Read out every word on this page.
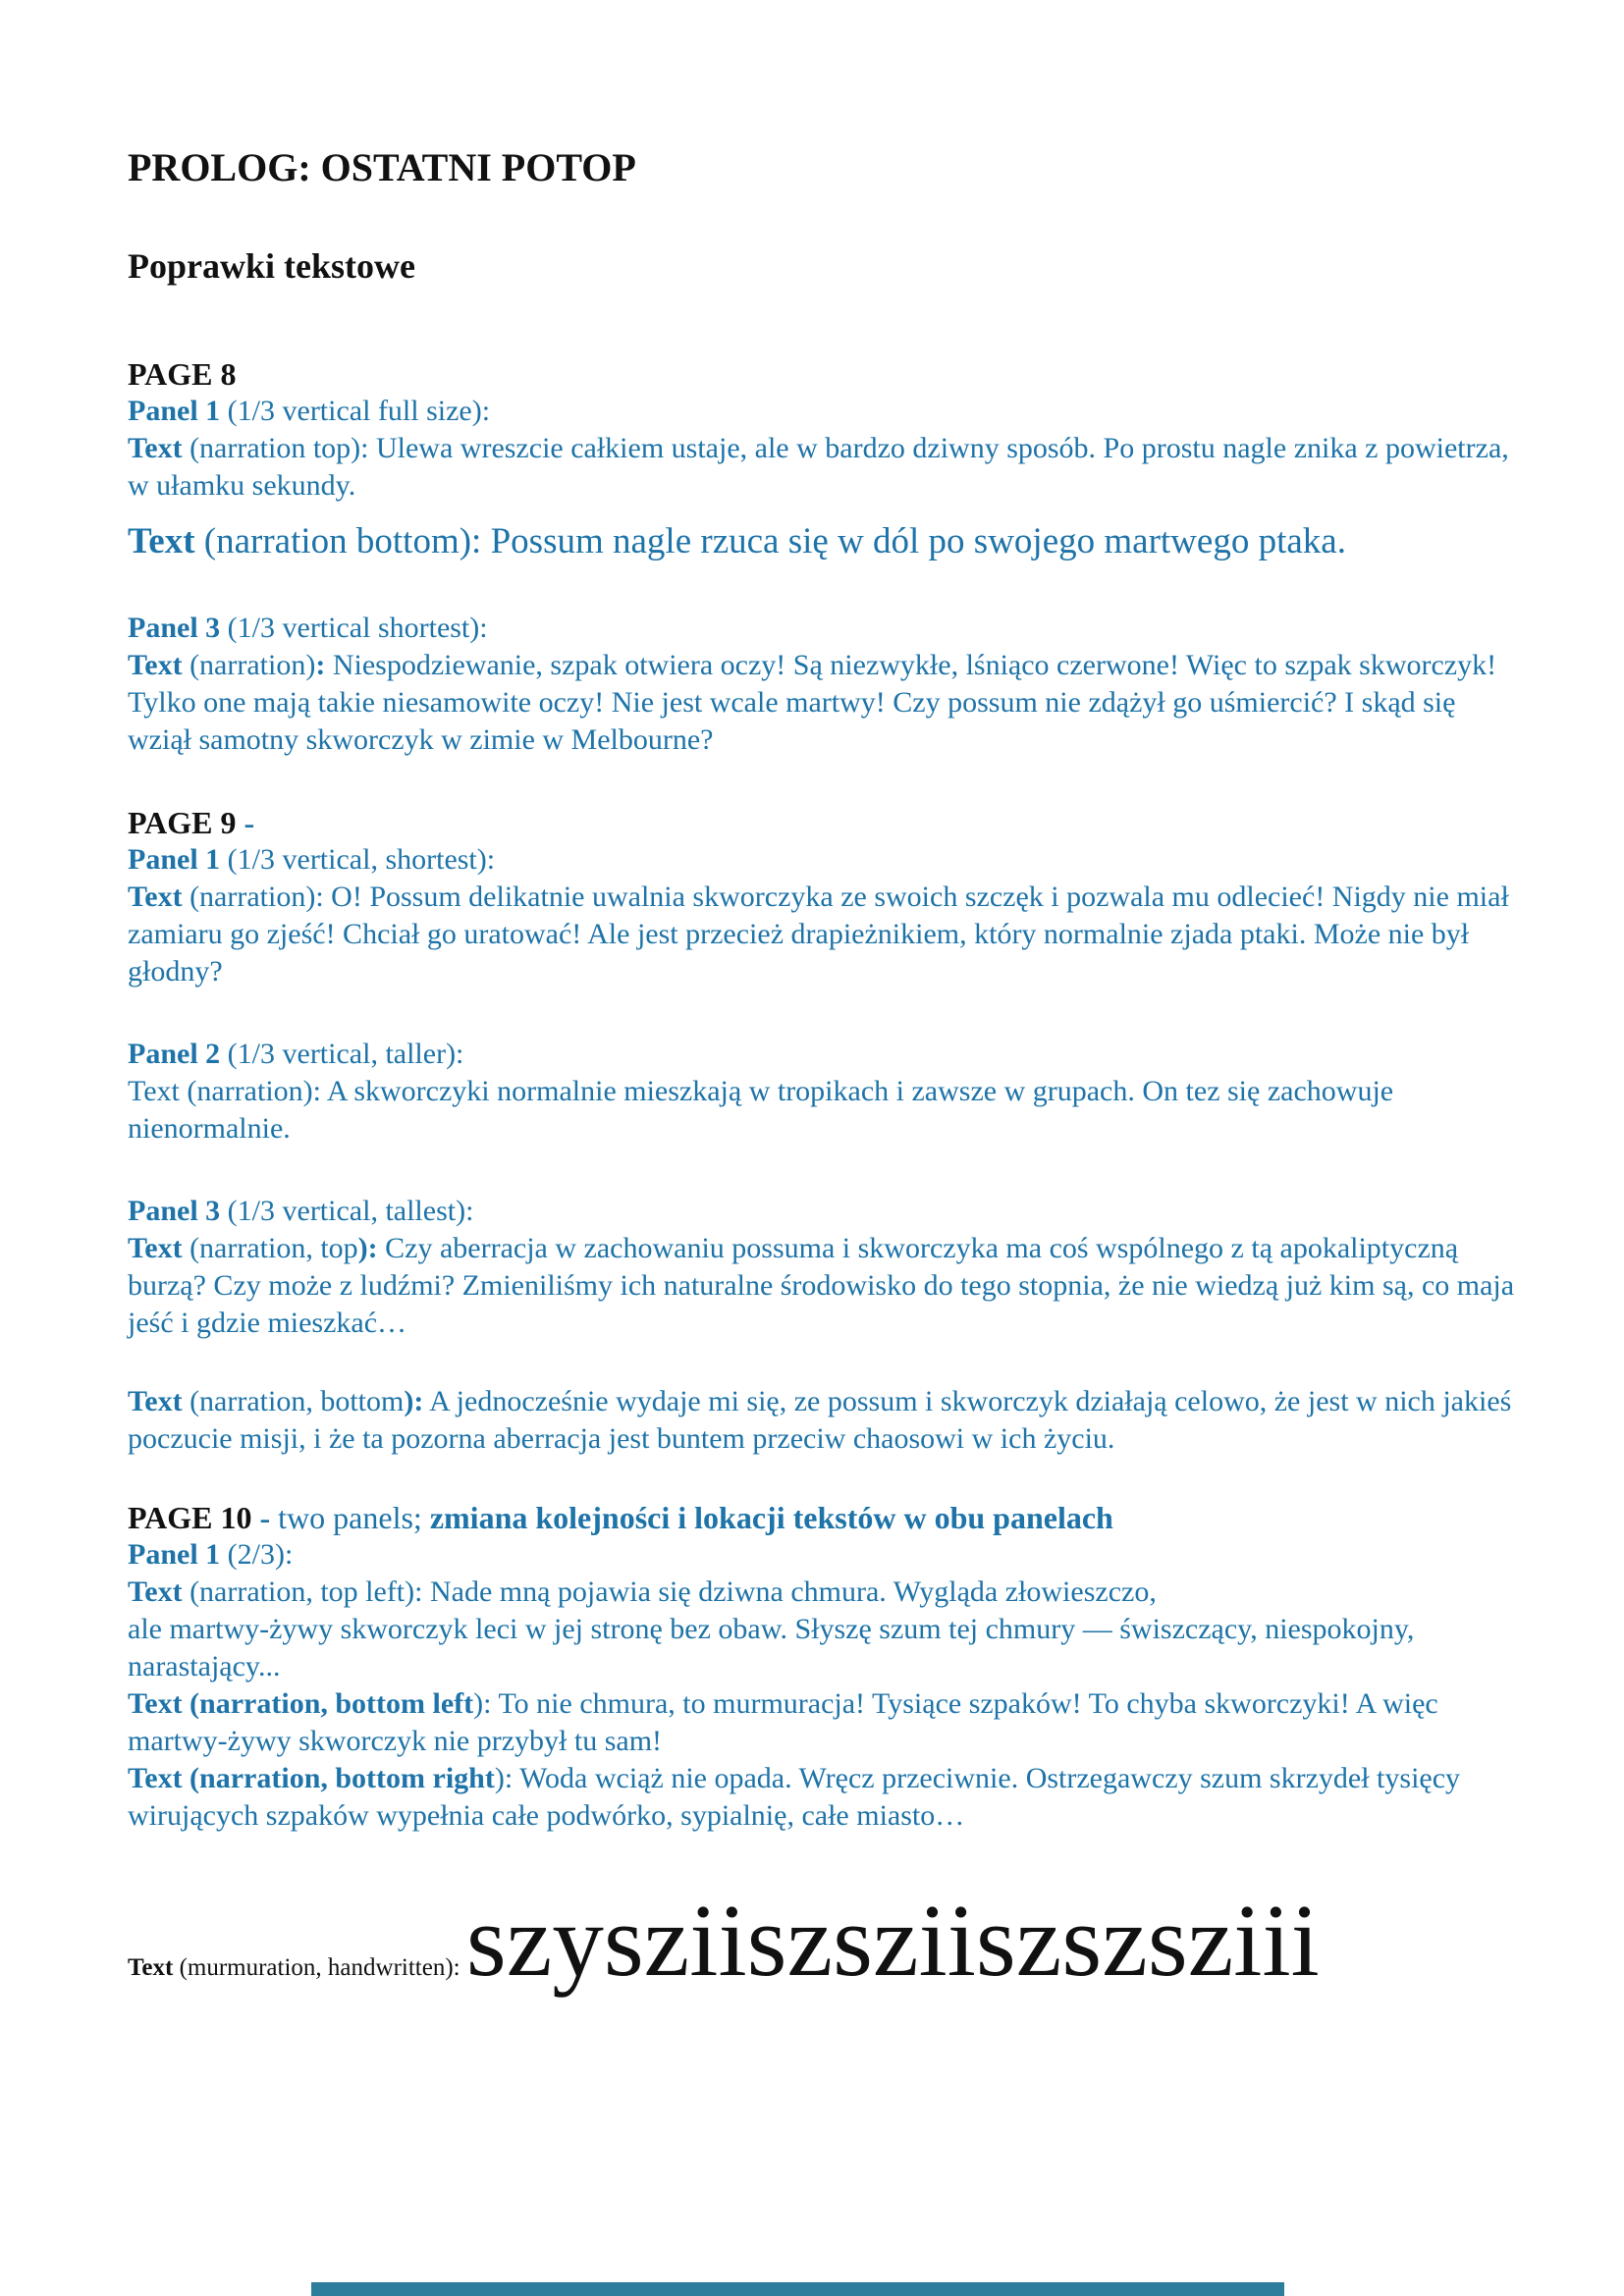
PROLOG: OSTATNI POTOP
Poprawki tekstowe

PAGE 8

Panel 1 (1/3 vertical full size):

Text (narration top): Ulewa wreszcie całkiem ustaje, ale w bardzo dziwny sposób. Po prostu nagle znika z powietrza, w ułamku sekundy.

Text (narration bottom): Possum nagle rzuca się w dól po swojego martwego ptaka.

Panel 3 (1/3 vertical shortest):

Text (narration): Niespodziewanie, szpak otwiera oczy! Są niezwykłe, lśniąco czerwone! Więc to szpak skworczyk! Tylko one mają takie niesamowite oczy! Nie jest wcale martwy! Czy possum nie zdążył go uśmiercić? I skąd się wziął samotny skworczyk w zimie w Melbourne?

PAGE 9 -

Panel 1 (1/3 vertical, shortest):

Text (narration): O! Possum delikatnie uwalnia skworczyka ze swoich szczęk i pozwala mu odlecieć! Nigdy nie miał zamiaru go zjeść! Chciał go uratować! Ale jest przecież drapieżnikiem, który normalnie zjada ptaki. Może nie był głodny?

Panel 2 (1/3 vertical, taller):

Text (narration): A skworczyki normalnie mieszkają w tropikach i zawsze w grupach. On tez się zachowuje nienormalnie.

Panel 3 (1/3 vertical, tallest):

Text (narration, top): Czy aberracja w zachowaniu possuma i skworczyka ma coś wspólnego z tą apokaliptyczną burzą? Czy może z ludźmi? Zmieniliśmy ich naturalne środowisko do tego stopnia, że nie wiedzą już kim są, co maja jeść i gdzie mieszkać…

Text (narration, bottom): A jednocześnie wydaje mi się, ze possum i skworczyk działają celowo, że jest w nich jakieś poczucie misji, i że ta pozorna aberracja jest buntem przeciw chaosowi w ich życiu.

PAGE 10 - two panels; zmiana kolejności i lokacji tekstów w obu panelach

Panel 1 (2/3):

Text (narration, top left): Nade mną pojawia się dziwna chmura. Wygląda złowieszczo,
ale martwy-żywy skworczyk leci w jej stronę bez obaw. Słyszę szum tej chmury — świszczący, niespokojny, narastający...

Text (narration, bottom left): To nie chmura, to murmuracja! Tysiące szpaków! To chyba skworczyki! A więc martwy-żywy skworczyk nie przybył tu sam!

Text (narration, bottom right): Woda wciąż nie opada. Wręcz przeciwnie. Ostrzegawczy szum skrzydeł tysięcy wirujących szpaków wypełnia całe podwórko, sypialnię, całe miasto…

Text (murmuration, handwritten): szysziiszsziiszszsziii
